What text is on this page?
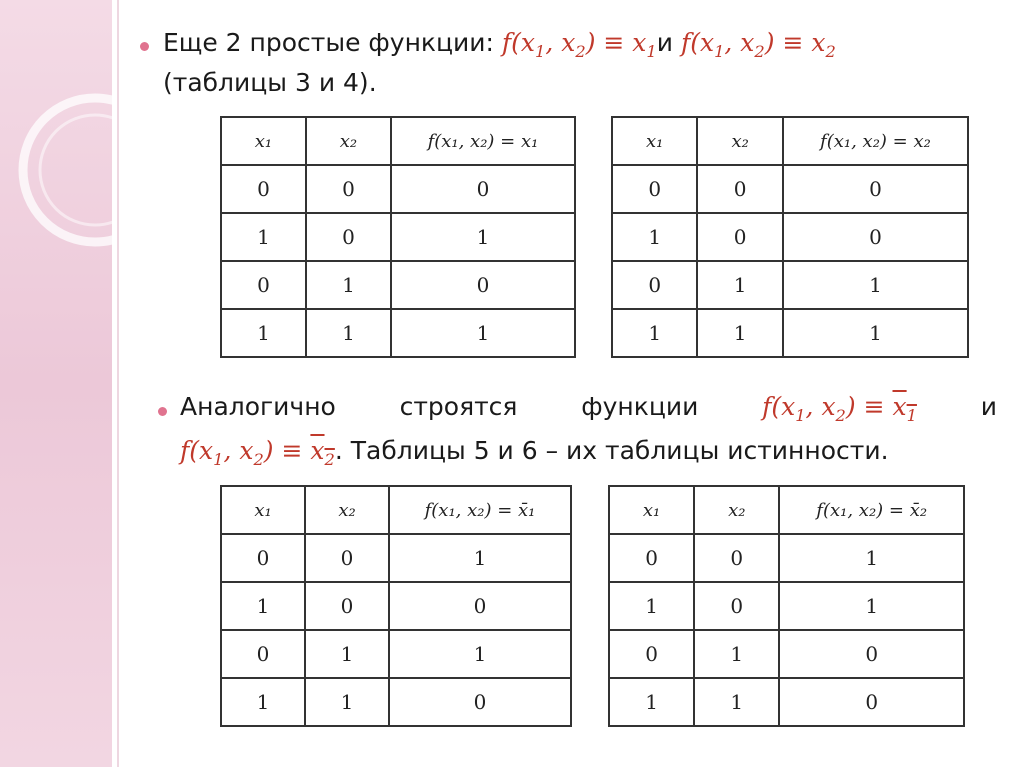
Еще 2 простые функции: $f(x_1$, $x_2) \equiv x_1и$ $f(x_1$, $x_2) \equiv x_2$
(таблицы 3 и 4).
x₁	x₂	f(x₁, x₂) = x₁
0	0	0
1	0	1
0	1	0
1	1	1
x₁	x₂	f(x₁, x₂) = x₂
0	0	0
1	0	0
0	1	1
1	1	1
Аналогично	строятся	функции	$f(x_1$, $x_2) \equiv x_1$	и
$f(x_1$, $x_2) \equiv x_2$. Таблицы 5 и 6 – их таблицы истинности.
x₁	x₂	f(x₁, x₂) = x̄₁
0	0	1
1	0	0
0	1	1
1	1	0
x₁	x₂	f(x₁, x₂) = x̄₂
0	0	1
1	0	1
0	1	0
1	1	0
